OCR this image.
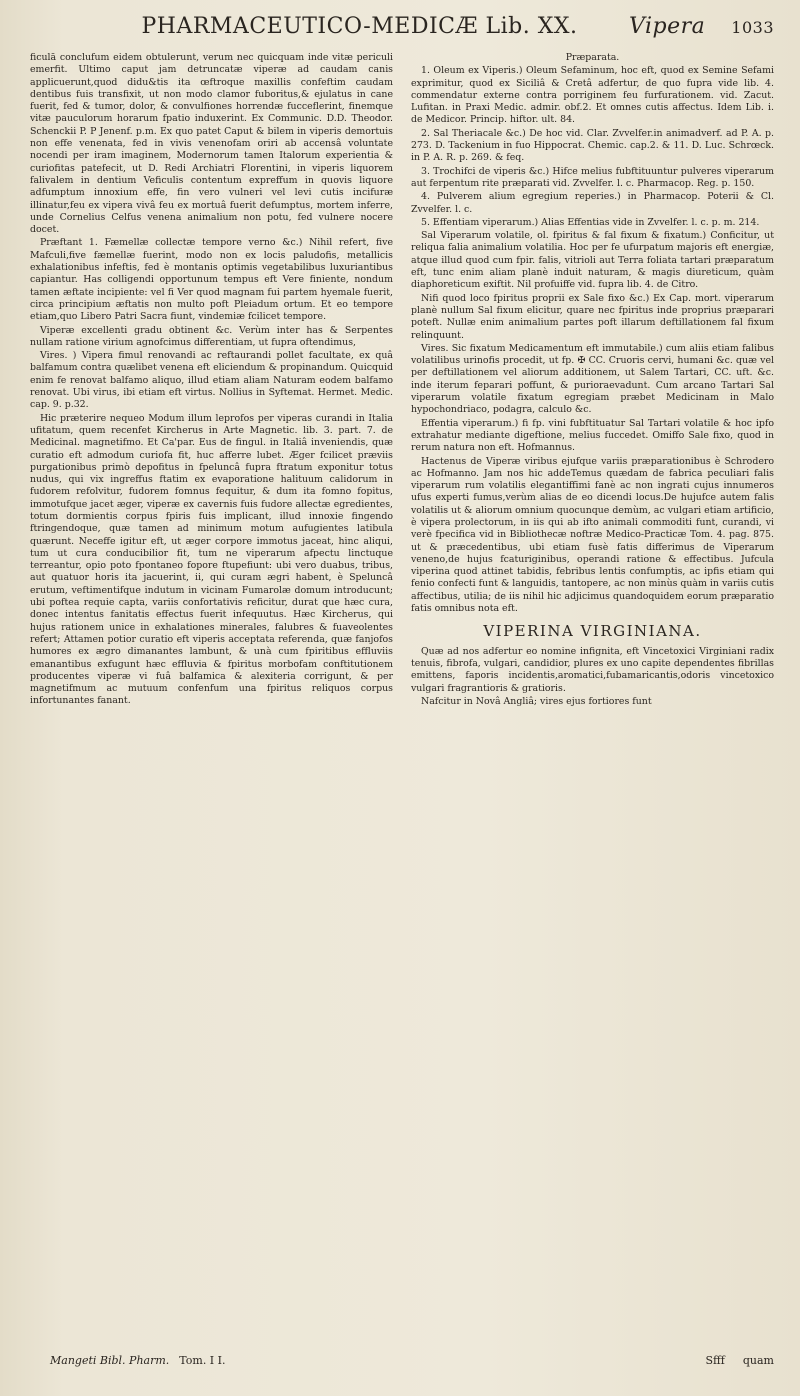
PHARMACEUTICO-MEDICÆ Lib. XX.	Vipera 1033

ficulā conclufum eidem obtulerunt, verum nec quicquam inde vitæ periculi emerfit. Ultimo caput jam detruncatæ viperæ ad caudam canis applicuerunt,quod didu&tis ita œftroque maxillis confeftim caudam dentibus fuis transfixit, ut non modo clamor fuboritus,& ejulatus in cane fuerit, fed & tumor, dolor, & convulfiones horrendæ fucceflerint, finemque vitæ pauculorum horarum fpatio induxerint. Ex Communic. D.D. Theodor. Schenckii P. P Jenenf. p.m. Ex quo patet Caput & bilem in viperis demortuis non effe venenata, fed in vivis venenofam oriri ab accensâ voluntate nocendi per iram imaginem, Modernorum tamen Italorum experientia & curiofitas patefecit, ut D. Redi Archiatri Florentini, in viperis liquorem falivalem in dentium Veficulis contentum expreffum in quovis liquore adfumptum innoxium effe, fin vero vulneri vel levi cutis incifuræ illinatur,feu ex vipera vivâ feu ex mortuâ fuerit defumptus, mortem inferre, unde Cornelius Celfus venena animalium non potu, fed vulnere nocere docet.

Præftant 1. Fæmellæ collectæ tempore verno &c.) Nihil refert, five Mafculi,five fæmellæ fuerint, modo non ex locis paludofis, metallicis exhalationibus infeftis, fed è montanis optimis vegetabilibus luxuriantibus capiantur. Has colligendi opportunum tempus eft Vere finiente, nondum tamen æftate incipiente: vel fi Ver quod magnam fui partem hyemale fuerit, circa principium æftatis non multo poft Pleiadum ortum. Et eo tempore etiam,quo Libero Patri Sacra fiunt, vindemiæ fcilicet tempore.

Viperæ excellenti gradu obtinent &c. Verùm inter has & Serpentes nullam ratione virium agnofcimus differentiam, ut fupra oftendimus,

Vires. ) Vipera fimul renovandi ac reftaurandi pollet facultate, ex quâ balfamum contra quælibet venena eft eliciendum & propinandum. Quicquid enim fe renovat balfamo aliquo, illud etiam aliam Naturam eodem balfamo renovat. Ubi virus, ibi etiam eft virtus. Nollius in Syftemat. Hermet. Medic. cap. 9. p.32.

Hic præterire nequeo Modum illum leprofos per viperas curandi in Italia ufitatum, quem recenfet Kircherus in Arte Magnetic. lib. 3. part. 7. de Medicinal. magnetifmo. Et Ca'par. Eus de fingul. in Italiâ inveniendis, quæ curatio eft admodum curiofa fit, huc afferre lubet. Æger fcilicet præviis purgationibus primò depofitus in fpeluncâ fupra ftratum exponitur totus nudus, qui vix ingreffus ftatim ex evaporatione halituum calidorum in fudorem refolvitur, fudorem fomnus fequitur, & dum ita fomno fopitus, immotufque jacet æger, viperæ ex cavernis fuis fudore allectæ egredientes, totum dormientis corpus fpiris fuis implicant, illud innoxie fingendo ftringendoque, quæ tamen ad minimum motum aufugientes latibula quærunt. Neceffe igitur eft, ut æger corpore immotus jaceat, hinc aliqui, tum ut cura conducibilior fit, tum ne viperarum afpectu linctuque terreantur, opio poto fpontaneo fopore ftupefiunt: ubi vero duabus, tribus, aut quatuor horis ita jacuerint, ii, qui curam ægri habent, è Speluncâ erutum, veftimentifque indutum in vicinam Fumarolæ domum introducunt; ubi poftea requie capta, variis confortativis reficitur, durat que hæc cura, donec intentus fanitatis effectus fuerit infequutus. Hæc Kircherus, qui hujus rationem unice in exhalationes minerales, falubres & fuaveolentes refert; Attamen potior curatio eft viperis acceptata referenda, quæ fanjofos humores ex ægro dimanantes lambunt, & unà cum fpiritibus effluviis emanantibus exfugunt hæc effluvia & fpiritus morbofam conftitutionem producentes viperæ vi fuâ balfamica & alexiteria corrigunt, & per magnetifmum ac mutuum confenfum una fpiritus reliquos corpus infortunantes fanant.

Præparata.

1. Oleum ex Viperis.) Oleum Sefaminum, hoc eft, quod ex Semine Sefami exprimitur, quod ex Siciliâ & Cretâ adfertur, de quo fupra vide lib. 4. commendatur externe contra porriginem feu furfurationem. vid. Zacut. Lufitan. in Praxi Medic. admir. obf.2. Et omnes cutis affectus. Idem Lib. i. de Medicor. Princip. hiftor. ult. 84.

2. Sal Theriacale &c.) De hoc vid. Clar. Zvvelfer.in animadverf. ad P. A. p. 273. D. Tackenium in fuo Hippocrat. Chemic. cap.2. & 11. D. Luc. Schrœck. in P. A. R. p. 269. & feq.

3. Trochifci de viperis &c.) Hifce melius fubftituuntur pulveres viperarum aut ferpentum rite præparati vid. Zvvelfer. l. c. Pharmacop. Reg. p. 150.

4. Pulverem alium egregium reperies.) in Pharmacop. Poterii & Cl. Zvvelfer. l. c.

5. Effentiam viperarum.) Alias Effentias vide in Zvvelfer. l. c. p. m. 214.

Sal Viperarum volatile, ol. fpiritus & fal fixum & fixatum.) Conficitur, ut reliqua falia animalium volatilia. Hoc per fe ufurpatum majoris eft energiæ, atque illud quod cum fpir. falis, vitrioli aut Terra foliata tartari præparatum eft, tunc enim aliam planè induit naturam, & magis diureticum, quàm diaphoreticum exiftit. Nil profuiffe vid. fupra lib. 4. de Citro.

Nifi quod loco fpiritus proprii ex Sale fixo &c.) Ex Cap. mort. viperarum planè nullum Sal fixum elicitur, quare nec fpiritus inde proprius præparari poteft. Nullæ enim animalium partes poft illarum deftillationem fal fixum relinquunt.

Vires. Sic fixatum Medicamentum eft immutabile.) cum aliis etiam falibus volatilibus urinofis procedit, ut fp. ✠ CC. Cruoris cervi, humani &c. quæ vel per deftillationem vel aliorum additionem, ut Salem Tartari, CC. uft. &c. inde iterum feparari poffunt, & purioraevadunt. Cum arcano Tartari Sal viperarum volatile fixatum egregiam præbet Medicinam in Malo hypochondriaco, podagra, calculo &c.

Effentia viperarum.) fi fp. vini fubftituatur Sal Tartari volatile & hoc ipfo extrahatur mediante digeftione, melius fuccedet. Omiffo Sale fixo, quod in rerum natura non eft. Hofmannus.

Hactenus de Viperæ viribus ejufque variis præparationibus è Schrodero ac Hofmanno. Jam nos hic addeTemus quædam de fabrica peculiari falis viperarum rum volatilis elegantiffimi fanè ac non ingrati cujus innumeros ufus experti fumus,verùm alias de eo dicendi locus.De hujufce autem falis volatilis ut & aliorum omnium quocunque demùm, ac vulgari etiam artificio, è vipera prolectorum, in iis qui ab ifto animali commoditi funt, curandi, vi verè fpecifica vid in Bibliothecæ noftræ Medico-Practicæ Tom. 4. pag. 875. ut & præcedentibus, ubi etiam fusè fatis differimus de Viperarum veneno,de hujus fcaturiginibus, operandi ratione & effectibus. Jufcula viperina quod attinet tabidis, febribus lentis confumptis, ac ipfis etiam qui fenio confecti funt & languidis, tantopere, ac non minùs quàm in variis cutis affectibus, utilia; de iis nihil hic adjicimus quandoquidem eorum præparatio fatis omnibus nota eft.

VIPERINA VIRGINIANA.

Quæ ad nos adfertur eo nomine infignita, eft Vincetoxici Virginiani radix tenuis, fibrofa, vulgari, candidior, plures ex uno capite dependentes fibrillas emittens, faporis incidentis,aromatici,fubamaricantis,odoris vincetoxico vulgari fragrantioris & gratioris.

Nafcitur in Novâ Angliâ; vires ejus fortiores funt

Mangeti Bibl. Pharm. Tom. I I.	Sfff quam
